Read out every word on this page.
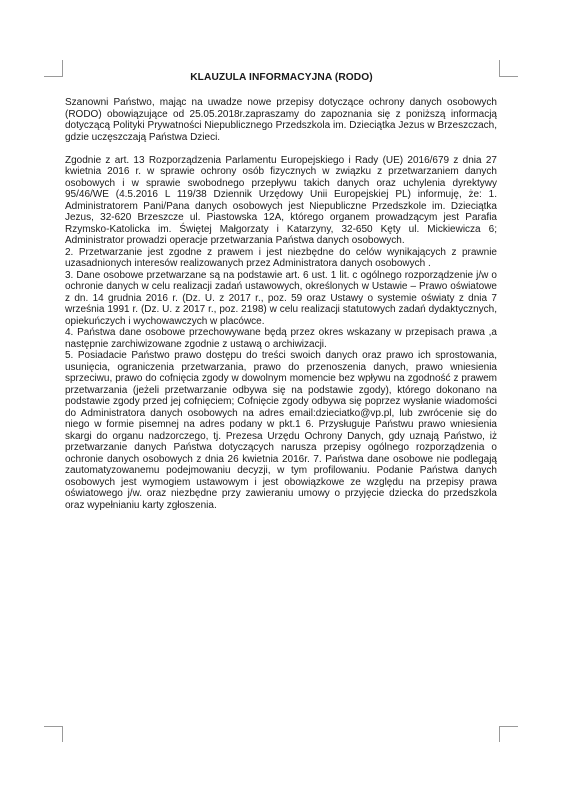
KLAUZULA INFORMACYJNA (RODO)

Szanowni Państwo, mając na uwadze nowe przepisy dotyczące ochrony danych osobowych (RODO) obowiązujące od 25.05.2018r.zapraszamy do zapoznania się z poniższą informacją dotyczącą Polityki Prywatności Niepublicznego Przedszkola im. Dzieciątka Jezus w Brzeszczach, gdzie uczęszczają Państwa Dzieci.

Zgodnie z art. 13 Rozporządzenia Parlamentu Europejskiego i Rady (UE) 2016/679 z dnia 27 kwietnia 2016 r. w sprawie ochrony osób fizycznych w związku z przetwarzaniem danych osobowych i w sprawie swobodnego przepływu takich danych oraz uchylenia dyrektywy 95/46/WE (4.5.2016 L 119/38 Dziennik Urzędowy Unii Europejskiej PL) informuję, że: 1. Administratorem Pani/Pana danych osobowych jest Niepubliczne Przedszkole im. Dzieciątka Jezus, 32-620 Brzeszcze ul. Piastowska 12A, którego organem prowadzącym jest Parafia Rzymsko-Katolicka im. Świętej Małgorzaty i Katarzyny, 32-650 Kęty ul. Mickiewicza 6; Administrator prowadzi operacje przetwarzania Państwa danych osobowych.

2. Przetwarzanie jest zgodne z prawem i jest niezbędne do celów wynikających z prawnie uzasadnionych interesów realizowanych przez Administratora danych osobowych .

3. Dane osobowe przetwarzane są na podstawie art. 6 ust. 1 lit. c ogólnego rozporządzenie j/w o ochronie danych w celu realizacji zadań ustawowych, określonych w Ustawie – Prawo oświatowe z dn. 14 grudnia 2016 r. (Dz. U. z 2017 r., poz. 59 oraz Ustawy o systemie oświaty z dnia 7 września 1991 r. (Dz. U. z 2017 r., poz. 2198) w celu realizacji statutowych zadań dydaktycznych, opiekuńczych i wychowawczych w placówce.

4. Państwa dane osobowe przechowywane będą przez okres wskazany w przepisach prawa ,a następnie zarchiwizowane zgodnie z ustawą o archiwizacji.

5. Posiadacie Państwo prawo dostępu do treści swoich danych oraz prawo ich sprostowania, usunięcia, ograniczenia przetwarzania, prawo do przenoszenia danych, prawo wniesienia sprzeciwu, prawo do cofnięcia zgody w dowolnym momencie bez wpływu na zgodność z prawem przetwarzania (jeżeli przetwarzanie odbywa się na podstawie zgody), którego dokonano na podstawie zgody przed jej cofnięciem; Cofnięcie zgody odbywa się poprzez wysłanie wiadomości do Administratora danych osobowych na adres email:dzieciatko@vp.pl, lub zwrócenie się do niego w formie pisemnej na adres podany w pkt.1 6. Przysługuje Państwu prawo wniesienia skargi do organu nadzorczego, tj. Prezesa Urzędu Ochrony Danych, gdy uznają Państwo, iż przetwarzanie danych Państwa dotyczących narusza przepisy ogólnego rozporządzenia o ochronie danych osobowych z dnia 26 kwietnia 2016r. 7. Państwa dane osobowe nie podlegają zautomatyzowanemu podejmowaniu decyzji, w tym profilowaniu. Podanie Państwa danych osobowych jest wymogiem ustawowym i jest obowiązkowe ze względu na przepisy prawa oświatowego j/w. oraz niezbędne przy zawieraniu umowy o przyjęcie dziecka do przedszkola oraz wypełnianiu karty zgłoszenia.
